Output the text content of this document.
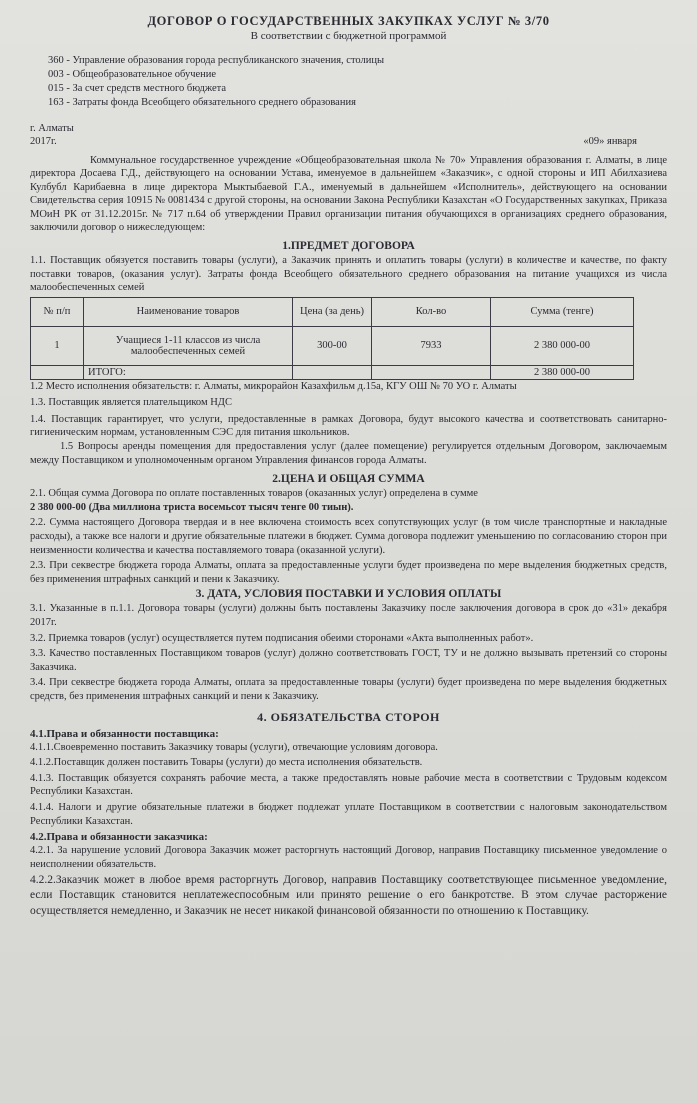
ДОГОВОР О ГОСУДАРСТВЕННЫХ ЗАКУПКАХ УСЛУГ № 3/70
В соответствии с бюджетной программой
360 - Управление образования города республиканского значения, столицы
003 - Общеобразовательное обучение
015 - За счет средств местного бюджета
163 - Затраты фонда Всеобщего обязательного среднего образования
г. Алматы
2017г.	«09» января

Коммунальное государственное учреждение «Общеобразовательная школа № 70» Управления образования г. Алматы, в лице директора Досаева Г.Д., действующего на основании Устава, именуемое в дальнейшем «Заказчик», с одной стороны и ИП Абилхазиева Кулбубл Карибаевна в лице директора Мыктыбаевой Г.А., именуемый в дальнейшем «Исполнитель», действующего на основании Свидетельства серия 10915 № 0081434 с другой стороны, на основании Закона Республики Казахстан «О Государственных закупках, Приказа МОиН РК от 31.12.2015г. № 717 п.64 об утверждении Правил организации питания обучающихся в организациях среднего образования, заключили договор о нижеследующем:

1.ПРЕДМЕТ ДОГОВОРА

1.1. Поставщик обязуется поставить товары (услуги), а Заказчик принять и оплатить товары (услуги) в количестве и качестве, по факту поставки товаров, (оказания услуг). Затраты фонда Всеобщего обязательного среднего образования на питание учащихся из числа малообеспеченных семей

№ п/п	Наименование товаров	Цена (за день)	Кол-во	Сумма (тенге)
1	Учащиеся 1-11 классов из числа малообеспеченных семей	300-00	7933	2 380 000-00
	ИТОГО:			2 380 000-00
1.2 Место исполнения обязательств: г. Алматы, микрорайон Казахфильм д.15а, КГУ ОШ № 70 УО г. Алматы
1.3. Поставщик является плательщиком НДС
1.4. Поставщик гарантирует, что услуги, предоставленные в рамках Договора, будут высокого качества и соответствовать санитарно-гигиеническим нормам, установленным СЭС для питания школьников.
1.5 Вопросы аренды помещения для предоставления услуг (далее помещение) регулируется отдельным Договором, заключаемым между Поставщиком и уполномоченным органом Управления финансов города Алматы.
2.ЦЕНА И ОБЩАЯ СУММА
2.1. Общая сумма Договора по оплате поставленных товаров (оказанных услуг) определена в сумме
2 380 000-00 (Два миллиона триста восемьсот тысяч тенге 00 тиын).
2.2. Сумма настоящего Договора твердая и в нее включена стоимость всех сопутствующих услуг (в том числе транспортные и накладные расходы), а также все налоги и другие обязательные платежи в бюджет. Сумма договора подлежит уменьшению по согласованию сторон при неизменности количества и качества поставляемого товара (оказанной услуги).
2.3. При секвестре бюджета города Алматы, оплата за предоставленные услуги будет произведена по мере выделения бюджетных средств, без применения штрафных санкций и пени к Заказчику.
3. ДАТА, УСЛОВИЯ ПОСТАВКИ И УСЛОВИЯ ОПЛАТЫ
3.1. Указанные в п.1.1. Договора товары (услуги) должны быть поставлены Заказчику после заключения договора в срок до «31» декабря 2017г.
3.2. Приемка товаров (услуг) осуществляется путем подписания обеими сторонами «Акта выполненных работ».
3.3. Качество поставленных Поставщиком товаров (услуг) должно соответствовать ГОСТ, ТУ и не должно вызывать претензий со стороны Заказчика.
3.4. При секвестре бюджета города Алматы, оплата за предоставленные товары (услуги) будет произведена по мере выделения бюджетных средств, без применения штрафных санкций и пени к Заказчику.
4. ОБЯЗАТЕЛЬСТВА СТОРОН
4.1.Права и обязанности поставщика:
4.1.1.Своевременно поставить Заказчику товары (услуги), отвечающие условиям договора.
4.1.2.Поставщик должен поставить Товары (услуги) до места исполнения обязательств.
4.1.3. Поставщик обязуется сохранять рабочие места, а также предоставлять новые рабочие места в соответствии с Трудовым кодексом Республики Казахстан.
4.1.4. Налоги и другие обязательные платежи в бюджет подлежат уплате Поставщиком в соответствии с налоговым законодательством Республики Казахстан.
4.2.Права и обязанности заказчика:
4.2.1. За нарушение условий Договора Заказчик может расторгнуть настоящий Договор, направив Поставщику письменное уведомление о неисполнении обязательств.
4.2.2.Заказчик может в любое время расторгнуть Договор, направив Поставщику соответствующее письменное уведомление, если Поставщик становится неплатежеспособным или принято решение о его банкротстве. В этом случае расторжение осуществляется немедленно, и Заказчик не несет никакой финансовой обязанности по отношению к Поставщику.
